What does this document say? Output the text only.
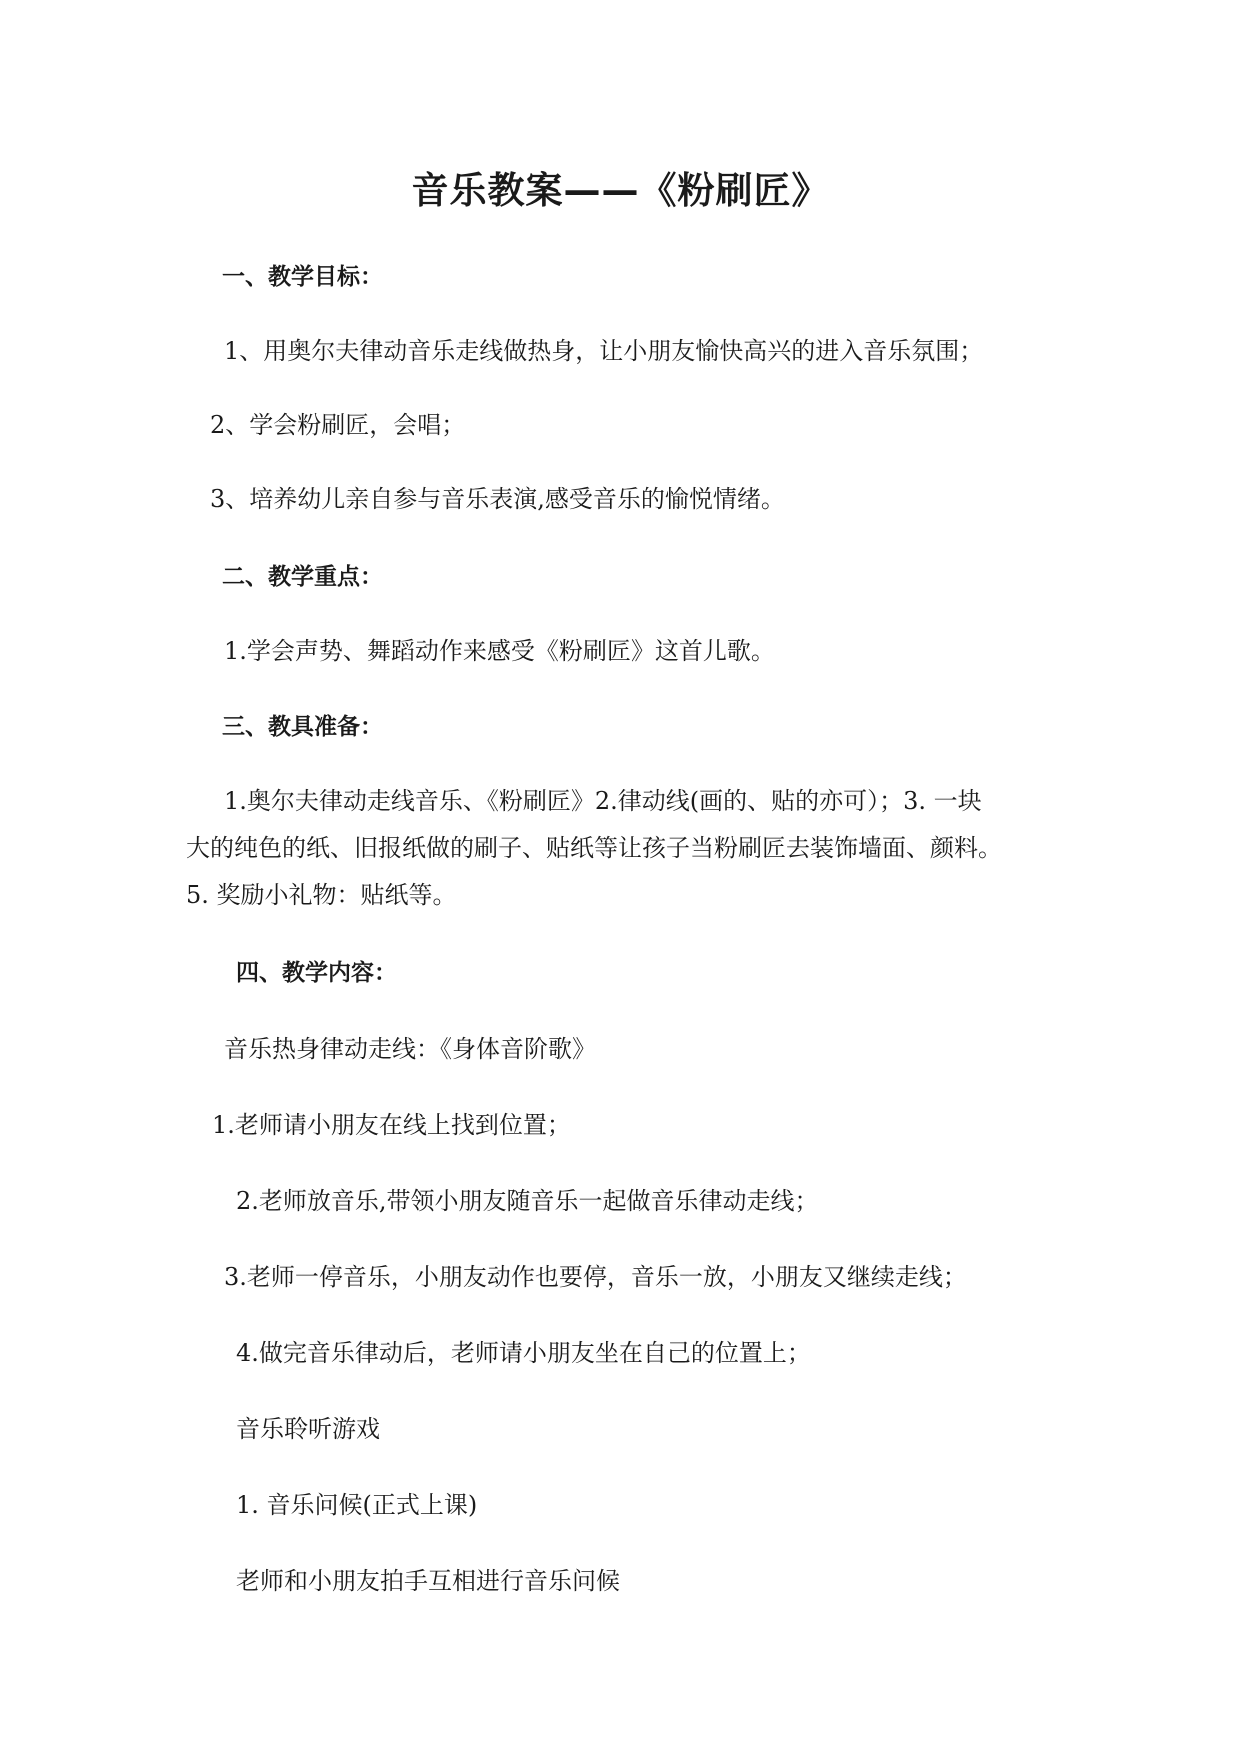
音乐教案——《粉刷匠》
一、教学目标：
1、用奥尔夫律动音乐走线做热身，让小朋友愉快高兴的进入音乐氛围；
2、学会粉刷匠，会唱；
3、培养幼儿亲自参与音乐表演,感受音乐的愉悦情绪。
二、教学重点：
1.学会声势、舞蹈动作来感受《粉刷匠》这首儿歌。
三、教具准备：
1.奥尔夫律动走线音乐、《粉刷匠》2.律动线(画的、贴的亦可）；3. 一块
大的纯色的纸、旧报纸做的刷子、贴纸等让孩子当粉刷匠去装饰墙面、颜料。
5. 奖励小礼物：贴纸等。
四、教学内容：
音乐热身律动走线：《身体音阶歌》
1.老师请小朋友在线上找到位置；
2.老师放音乐,带领小朋友随音乐一起做音乐律动走线；
3.老师一停音乐，小朋友动作也要停，音乐一放，小朋友又继续走线；
4.做完音乐律动后，老师请小朋友坐在自己的位置上；
音乐聆听游戏
1. 音乐问候(正式上课)
老师和小朋友拍手互相进行音乐问候
